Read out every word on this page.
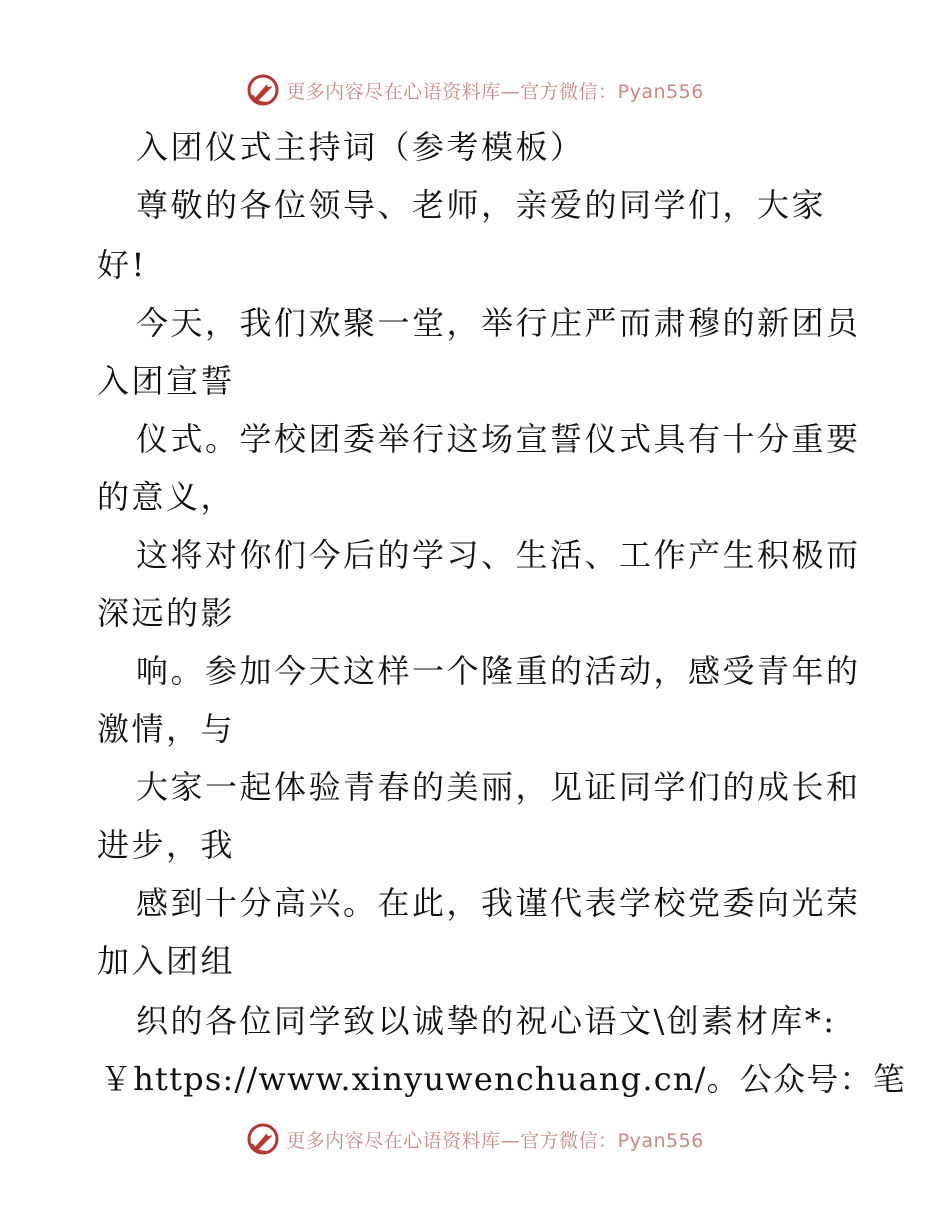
更多内容尽在心语资料库—官方微信：Pyan556
入团仪式主持词（参考模板）
尊敬的各位领导、老师，亲爱的同学们，大家
好!
今天，我们欢聚一堂，举行庄严而肃穆的新团员
入团宣誓
仪式。学校团委举行这场宣誓仪式具有十分重要
的意义，
这将对你们今后的学习、生活、工作产生积极而
深远的影
响。参加今天这样一个隆重的活动，感受青年的
激情，与
大家一起体验青春的美丽，见证同学们的成长和
进步，我
感到十分高兴。在此，我谨代表学校党委向光荣
加入团组
织的各位同学致以诚挚的祝心语文\创素材库*:
￥https://www.xinyuwenchuang.cn/。公众号：笔
更多内容尽在心语资料库—官方微信：Pyan556
